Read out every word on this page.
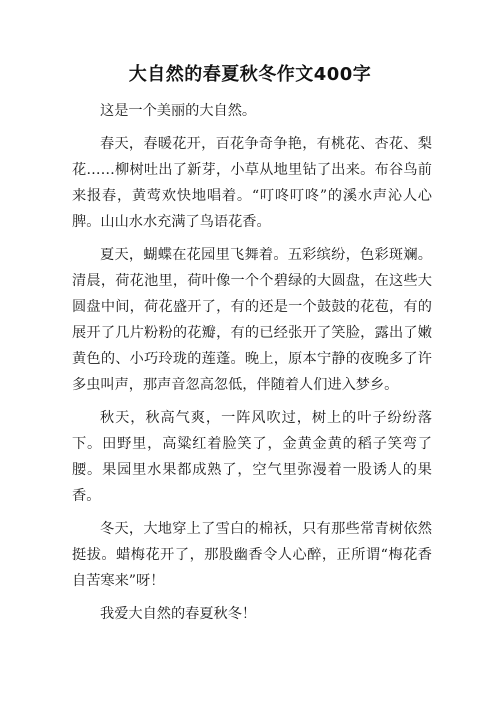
大自然的春夏秋冬作文400字

这是一个美丽的大自然。

春天，春暖花开，百花争奇争艳，有桃花、杏花、梨花……柳树吐出了新芽，小草从地里钻了出来。布谷鸟前来报春，黄莺欢快地唱着。“叮咚叮咚”的溪水声沁人心脾。山山水水充满了鸟语花香。

夏天，蝴蝶在花园里飞舞着。五彩缤纷，色彩斑斓。清晨，荷花池里，荷叶像一个个碧绿的大圆盘，在这些大圆盘中间，荷花盛开了，有的还是一个鼓鼓的花苞，有的展开了几片粉粉的花瓣，有的已经张开了笑脸，露出了嫩黄色的、小巧玲珑的莲蓬。晚上，原本宁静的夜晚多了许多虫叫声，那声音忽高忽低，伴随着人们进入梦乡。

秋天，秋高气爽，一阵风吹过，树上的叶子纷纷落下。田野里，高粱红着脸笑了，金黄金黄的稻子笑弯了腰。果园里水果都成熟了，空气里弥漫着一股诱人的果香。

冬天，大地穿上了雪白的棉袄，只有那些常青树依然挺拔。蜡梅花开了，那股幽香令人心醉，正所谓“梅花香自苦寒来”呀！

我爱大自然的春夏秋冬！
